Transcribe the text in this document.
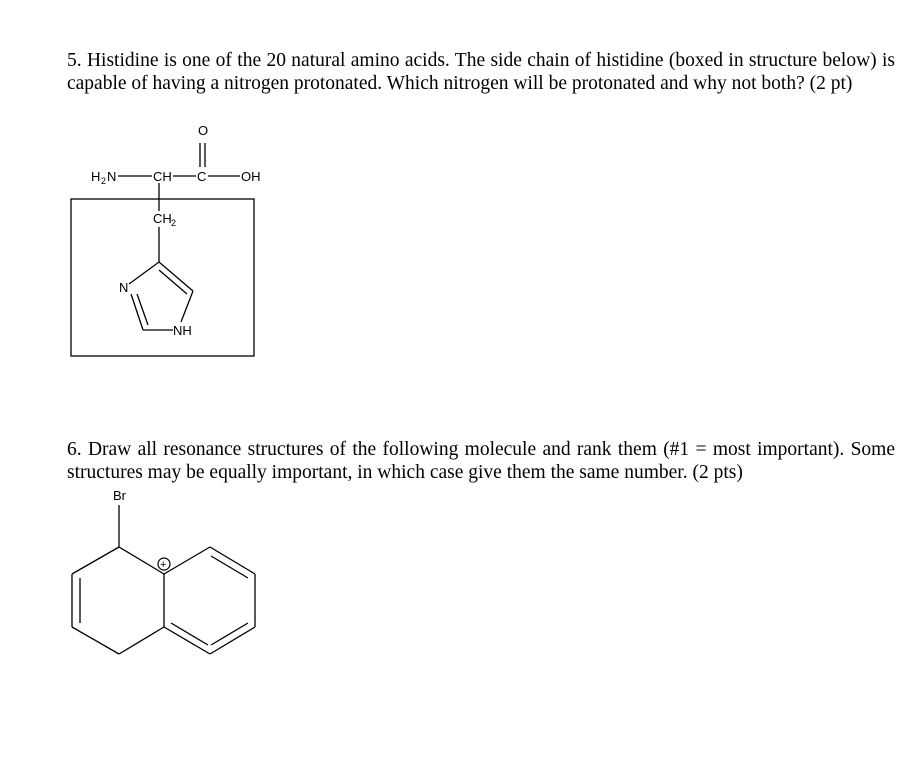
5. Histidine is one of the 20 natural amino acids. The side chain of histidine (boxed in structure below) is capable of having a nitrogen protonated. Which nitrogen will be protonated and why not both? (2 pt)

H 2 N	CH C
O
OH
CH 2
N
NH

6. Draw all resonance structures of the following molecule and rank them (#1 = most important). Some structures may be equally important, in which case give them the same number. (2 pts)

Br
+
